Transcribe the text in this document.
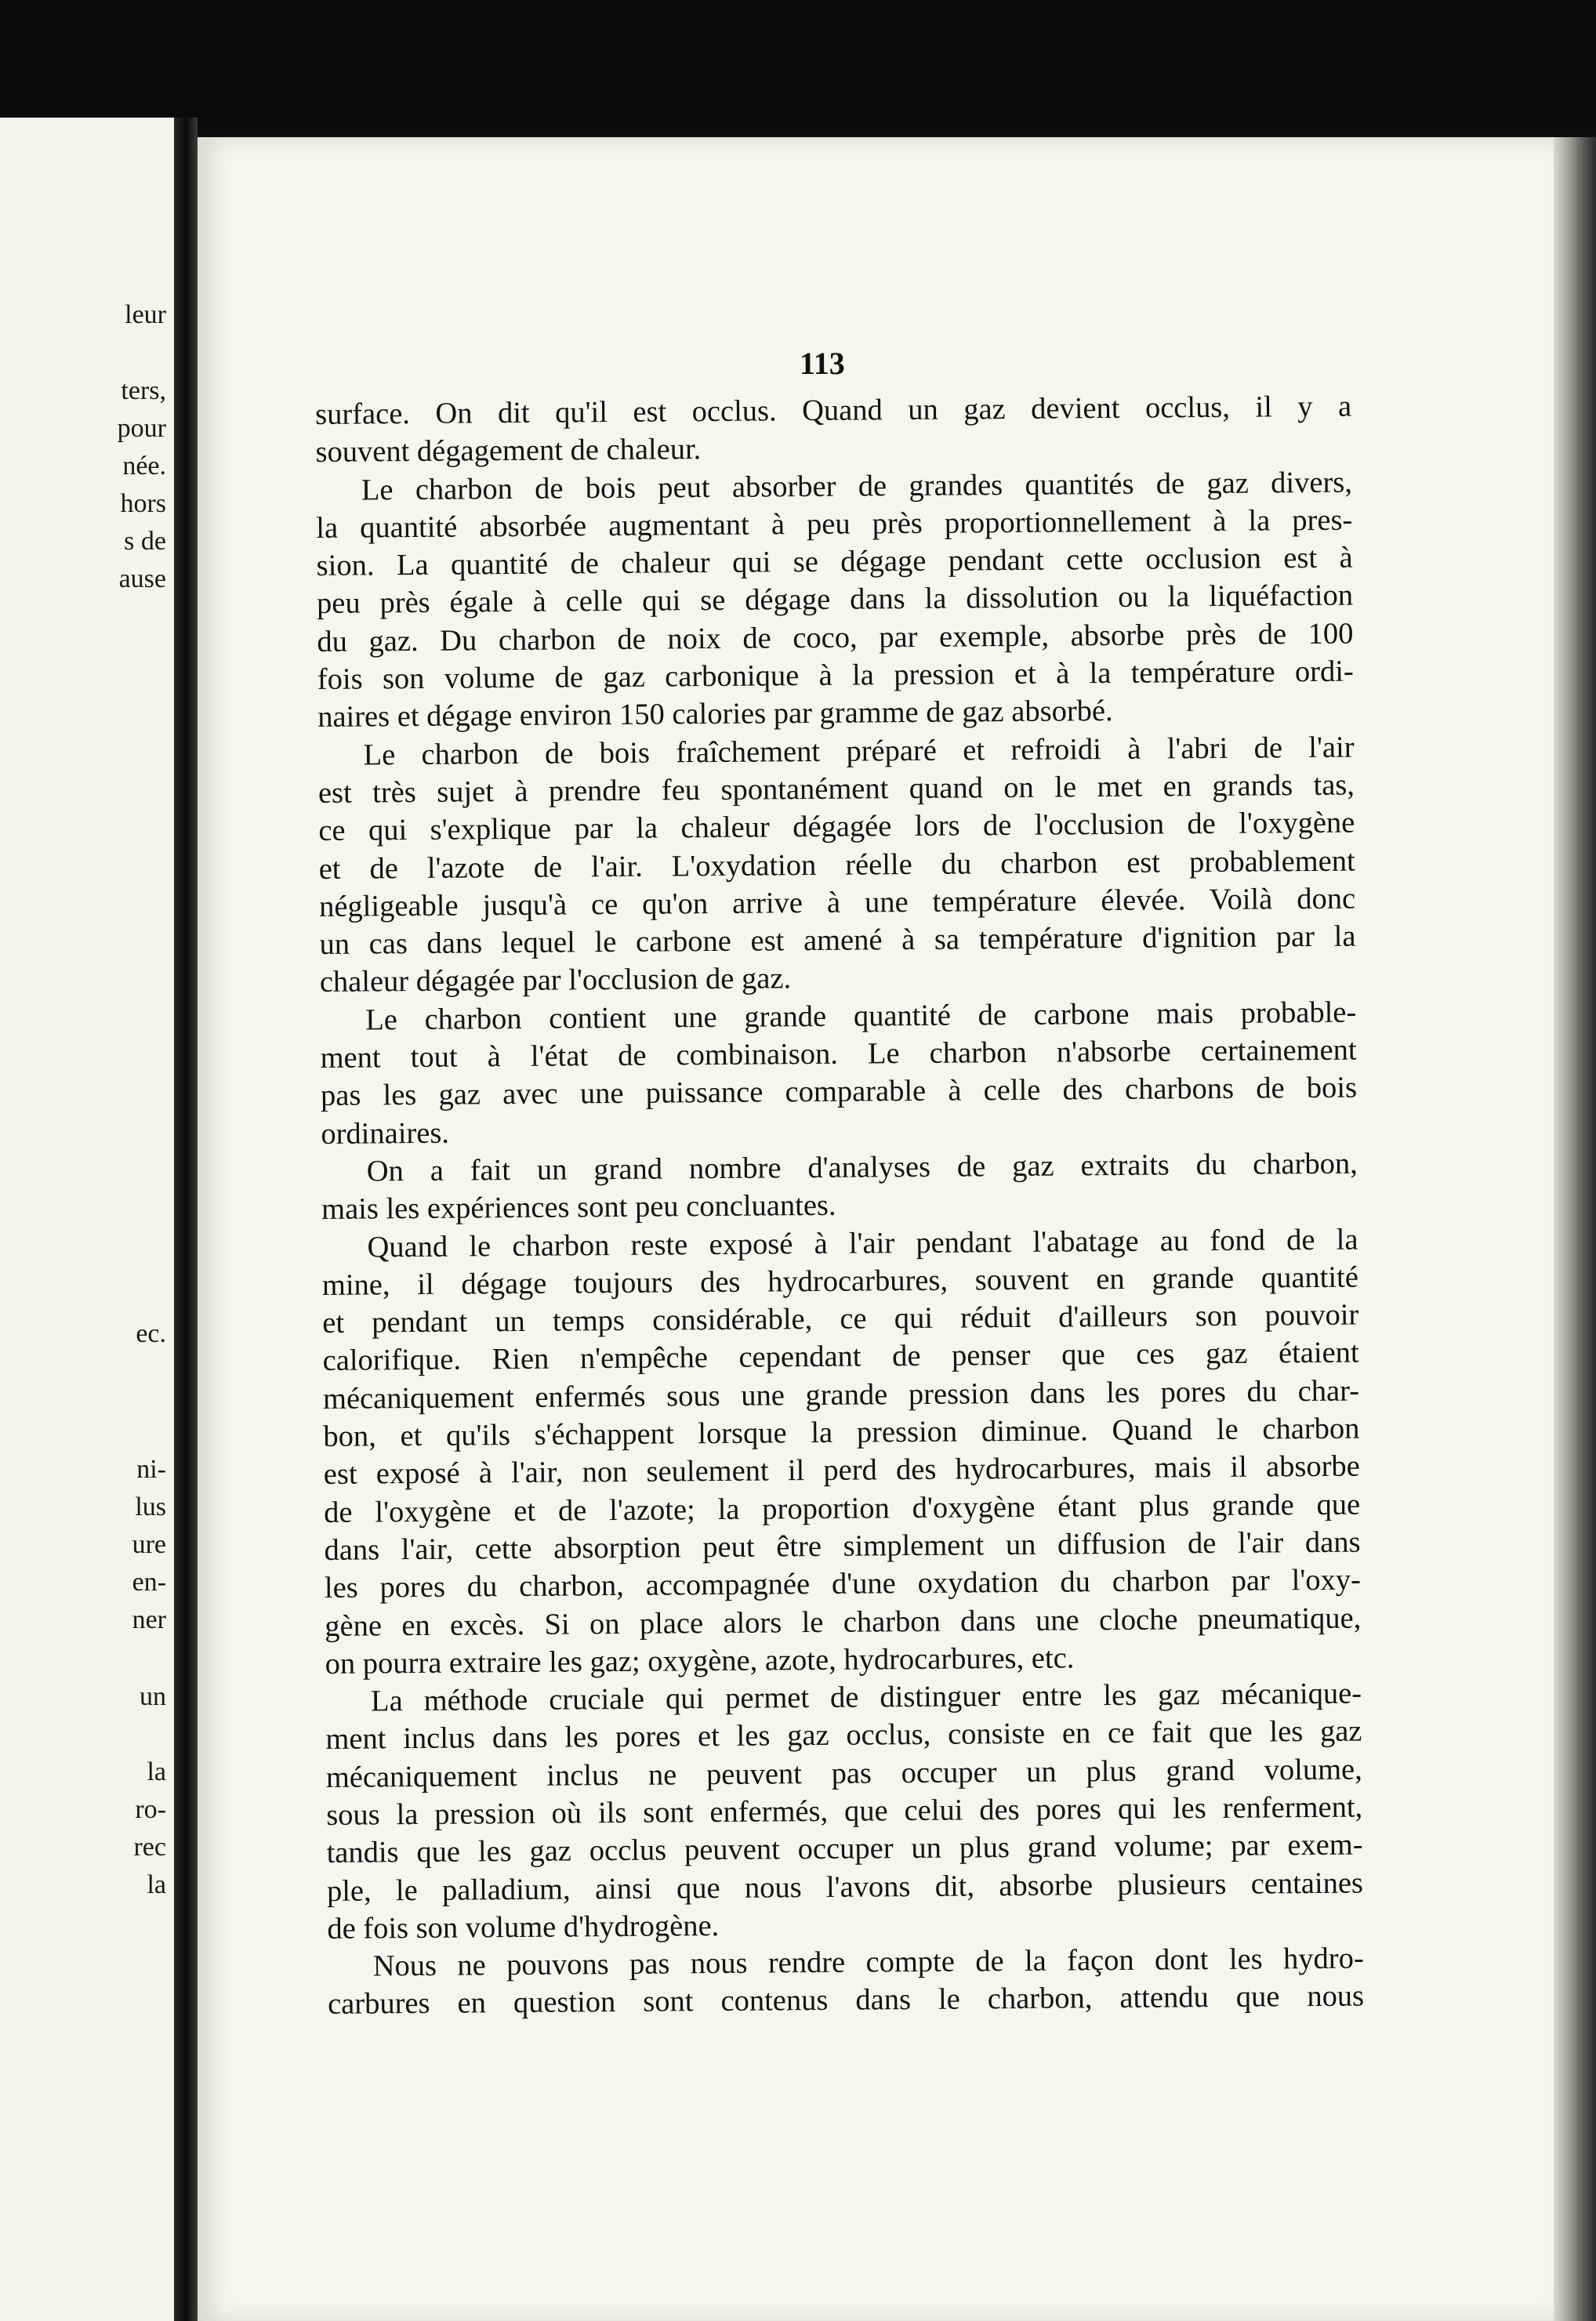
leur
ters,
pour
née.
hors
s de
ause
ec.
ni-
lus
ure
en-
ner
un
la
ro-
rec
la
113
surface. On dit qu'il est occlus. Quand un gaz devient occlus, il y a
souvent dégagement de chaleur.
Le charbon de bois peut absorber de grandes quantités de gaz divers,
la quantité absorbée augmentant à peu près proportionnellement à la pres-
sion. La quantité de chaleur qui se dégage pendant cette occlusion est à
peu près égale à celle qui se dégage dans la dissolution ou la liquéfaction
du gaz. Du charbon de noix de coco, par exemple, absorbe près de 100
fois son volume de gaz carbonique à la pression et à la température ordi-
naires et dégage environ 150 calories par gramme de gaz absorbé.
Le charbon de bois fraîchement préparé et refroidi à l'abri de l'air
est très sujet à prendre feu spontanément quand on le met en grands tas,
ce qui s'explique par la chaleur dégagée lors de l'occlusion de l'oxygène
et de l'azote de l'air. L'oxydation réelle du charbon est probablement
négligeable jusqu'à ce qu'on arrive à une température élevée. Voilà donc
un cas dans lequel le carbone est amené à sa température d'ignition par la
chaleur dégagée par l'occlusion de gaz.
Le charbon contient une grande quantité de carbone mais probable-
ment tout à l'état de combinaison. Le charbon n'absorbe certainement
pas les gaz avec une puissance comparable à celle des charbons de bois
ordinaires.
On a fait un grand nombre d'analyses de gaz extraits du charbon,
mais les expériences sont peu concluantes.
Quand le charbon reste exposé à l'air pendant l'abatage au fond de la
mine, il dégage toujours des hydrocarbures, souvent en grande quantité
et pendant un temps considérable, ce qui réduit d'ailleurs son pouvoir
calorifique. Rien n'empêche cependant de penser que ces gaz étaient
mécaniquement enfermés sous une grande pression dans les pores du char-
bon, et qu'ils s'échappent lorsque la pression diminue. Quand le charbon
est exposé à l'air, non seulement il perd des hydrocarbures, mais il absorbe
de l'oxygène et de l'azote; la proportion d'oxygène étant plus grande que
dans l'air, cette absorption peut être simplement un diffusion de l'air dans
les pores du charbon, accompagnée d'une oxydation du charbon par l'oxy-
gène en excès. Si on place alors le charbon dans une cloche pneumatique,
on pourra extraire les gaz; oxygène, azote, hydrocarbures, etc.
La méthode cruciale qui permet de distinguer entre les gaz mécanique-
ment inclus dans les pores et les gaz occlus, consiste en ce fait que les gaz
mécaniquement inclus ne peuvent pas occuper un plus grand volume,
sous la pression où ils sont enfermés, que celui des pores qui les renferment,
tandis que les gaz occlus peuvent occuper un plus grand volume; par exem-
ple, le palladium, ainsi que nous l'avons dit, absorbe plusieurs centaines
de fois son volume d'hydrogène.
Nous ne pouvons pas nous rendre compte de la façon dont les hydro-
carbures en question sont contenus dans le charbon, attendu que nous
